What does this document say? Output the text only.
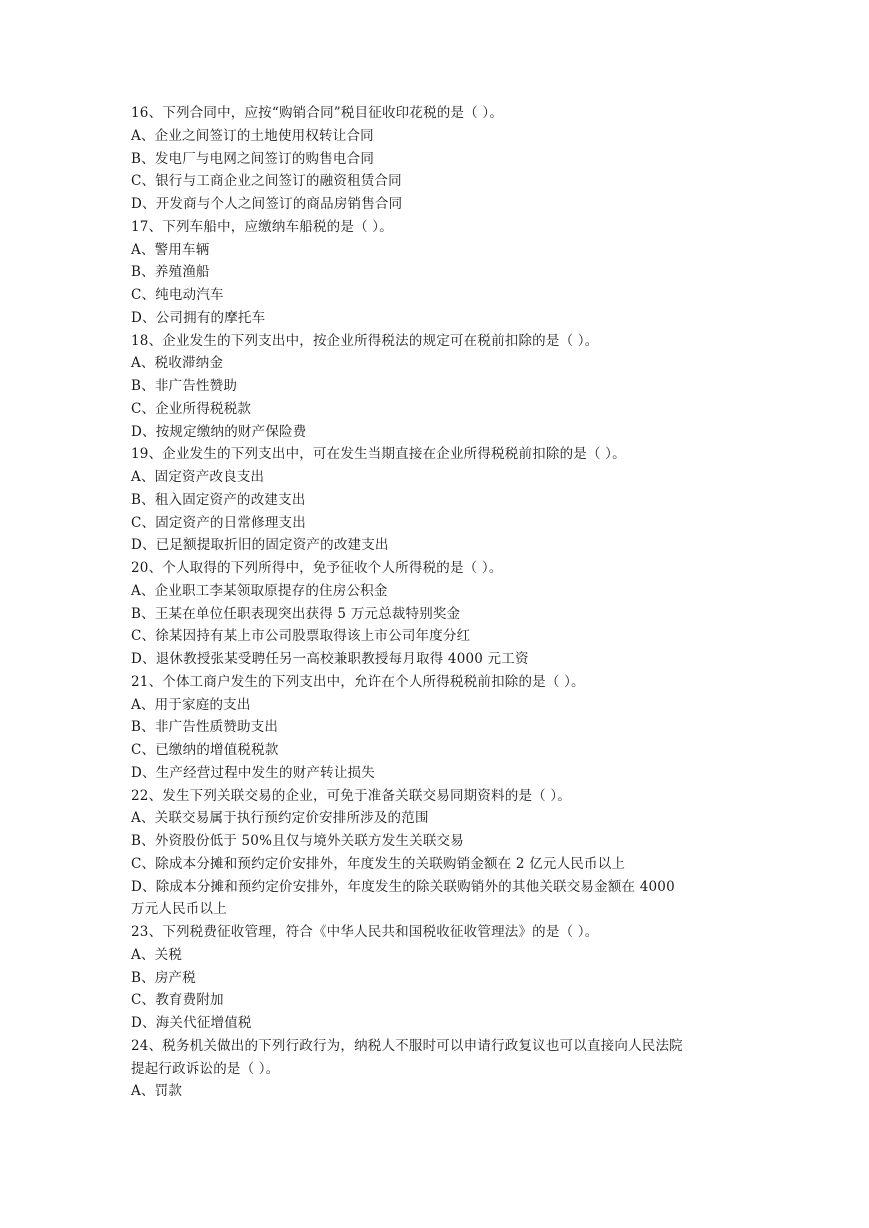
16、下列合同中，应按“购销合同”税目征收印花税的是（ ）。
A、企业之间签订的土地使用权转让合同
B、发电厂与电网之间签订的购售电合同
C、银行与工商企业之间签订的融资租赁合同
D、开发商与个人之间签订的商品房销售合同
17、下列车船中，应缴纳车船税的是（ ）。
A、警用车辆
B、养殖渔船
C、纯电动汽车
D、公司拥有的摩托车
18、企业发生的下列支出中，按企业所得税法的规定可在税前扣除的是（ ）。
A、税收滞纳金
B、非广告性赞助
C、企业所得税税款
D、按规定缴纳的财产保险费
19、企业发生的下列支出中，可在发生当期直接在企业所得税税前扣除的是（ ）。
A、固定资产改良支出
B、租入固定资产的改建支出
C、固定资产的日常修理支出
D、已足额提取折旧的固定资产的改建支出
20、个人取得的下列所得中，免予征收个人所得税的是（ ）。
A、企业职工李某领取原提存的住房公积金
B、王某在单位任职表现突出获得 5 万元总裁特别奖金
C、徐某因持有某上市公司股票取得该上市公司年度分红
D、退休教授张某受聘任另一高校兼职教授每月取得 4000 元工资
21、个体工商户发生的下列支出中，允许在个人所得税税前扣除的是（ ）。
A、用于家庭的支出
B、非广告性质赞助支出
C、已缴纳的增值税税款
D、生产经营过程中发生的财产转让损失
22、发生下列关联交易的企业，可免于准备关联交易同期资料的是（ ）。
A、关联交易属于执行预约定价安排所涉及的范围
B、外资股份低于 50%且仅与境外关联方发生关联交易
C、除成本分摊和预约定价安排外，年度发生的关联购销金额在 2 亿元人民币以上
D、除成本分摊和预约定价安排外，年度发生的除关联购销外的其他关联交易金额在 4000
万元人民币以上
23、下列税费征收管理，符合《中华人民共和国税收征收管理法》的是（ ）。
A、关税
B、房产税
C、教育费附加
D、海关代征增值税
24、税务机关做出的下列行政行为，纳税人不服时可以申请行政复议也可以直接向人民法院
提起行政诉讼的是（ ）。
A、罚款
